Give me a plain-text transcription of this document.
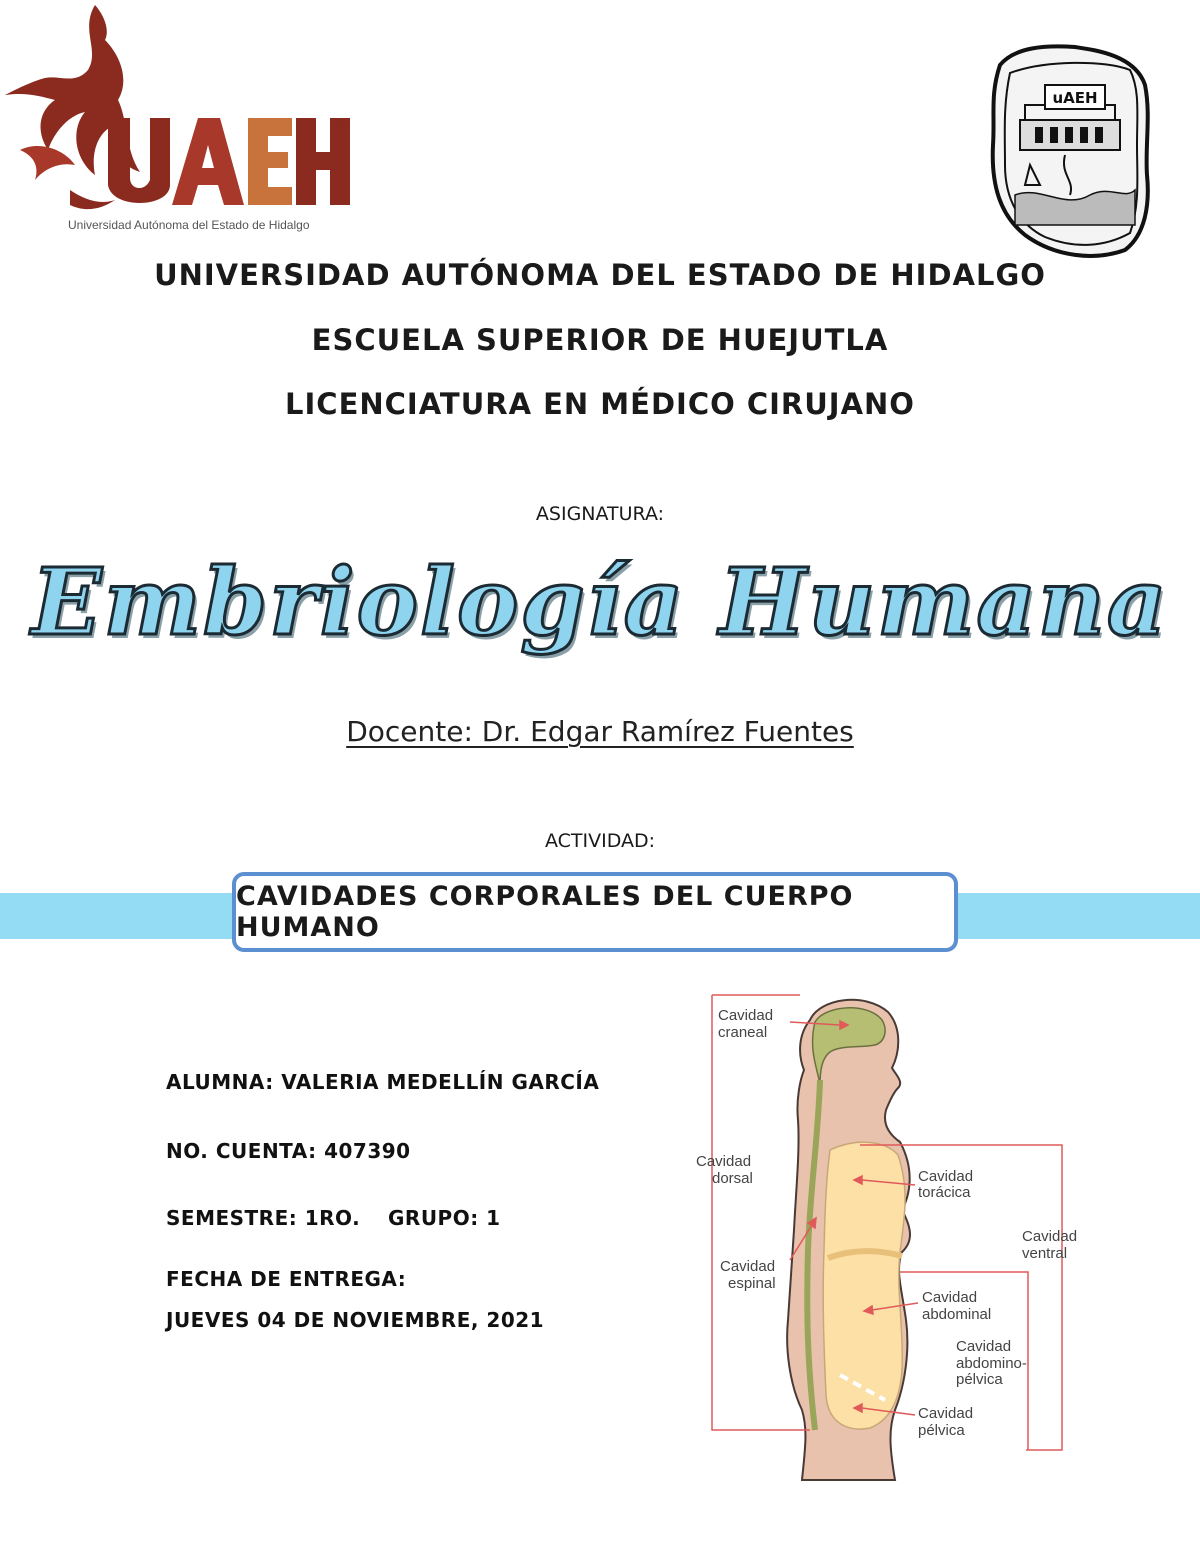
®
Universidad Autónoma del Estado de Hidalgo
uAEH
UNIVERSIDAD AUTÓNOMA DEL ESTADO DE HIDALGO
ESCUELA SUPERIOR DE HUEJUTLA
LICENCIATURA EN MÉDICO CIRUJANO
ASIGNATURA:
Embriología Humana
Docente: Dr. Edgar Ramírez Fuentes
ACTIVIDAD:
CAVIDADES CORPORALES DEL CUERPO HUMANO
ALUMNA: VALERIA MEDELLÍN GARCÍA
NO. CUENTA: 407390
SEMESTRE: 1RO. GRUPO: 1
FECHA DE ENTREGA:
JUEVES 04 DE NOVIEMBRE, 2021
Cavidad
craneal
Cavidad
dorsal	Cavidad
torácica
Cavidad
ventral
Cavidad
espinal
Cavidad
abdominal
Cavidad
abdomino-
pélvica
Cavidad
pélvica
